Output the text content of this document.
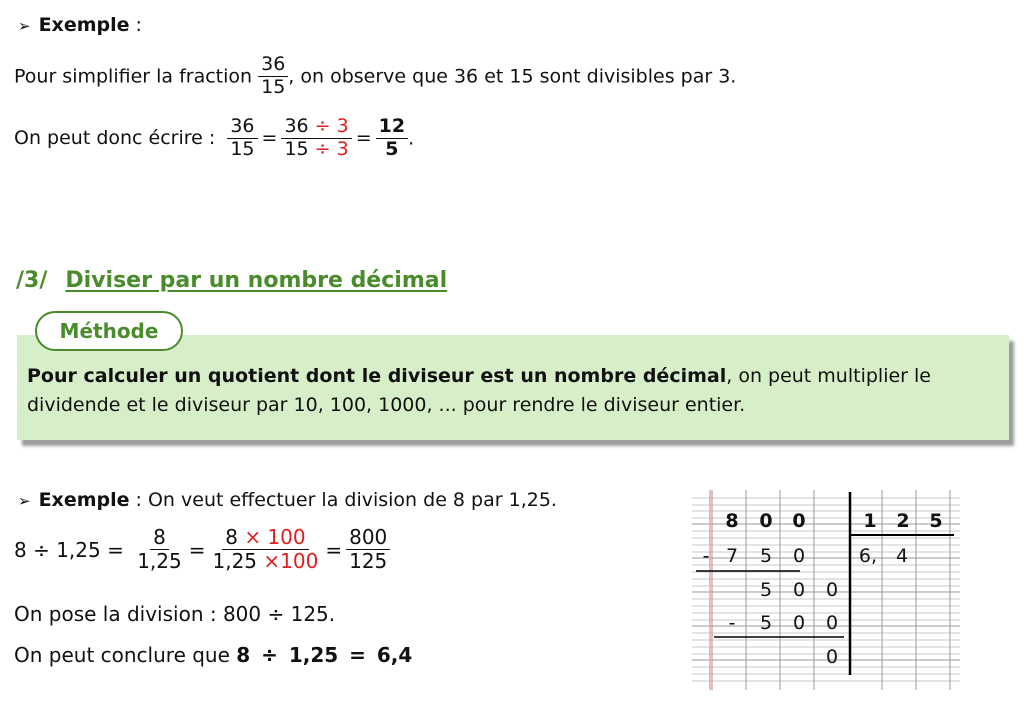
➢ Exemple :
Pour simplifier la fraction $\frac{36}{15}$ , on observe que 36 et 15 sont divisibles par 3.
On peut donc écrire : $\frac{36}{15} = \frac{36 \div 3}{15 \div 3} = \frac{12}{5}$ .
/3/ Diviser par un nombre décimal
Méthode
Pour calculer un quotient dont le diviseur est un nombre décimal, on peut multiplier le dividende et le diviseur par 10, 100, 1000, ... pour rendre le diviseur entier.
➢ Exemple : On veut effectuer la division de 8 par 1,25.
$8 \div 1,25 = \frac{8}{1,25} = \frac{8 \times 100}{1,25 \times 100} = \frac{800}{125}$
On pose la division : 800 ÷ 125.
On peut conclure que 8 ÷ 1,25 = 6,4
8 0 0	1 2 5
- 7 5 0	6, 4
5 0 0
- 5 0 0
0
